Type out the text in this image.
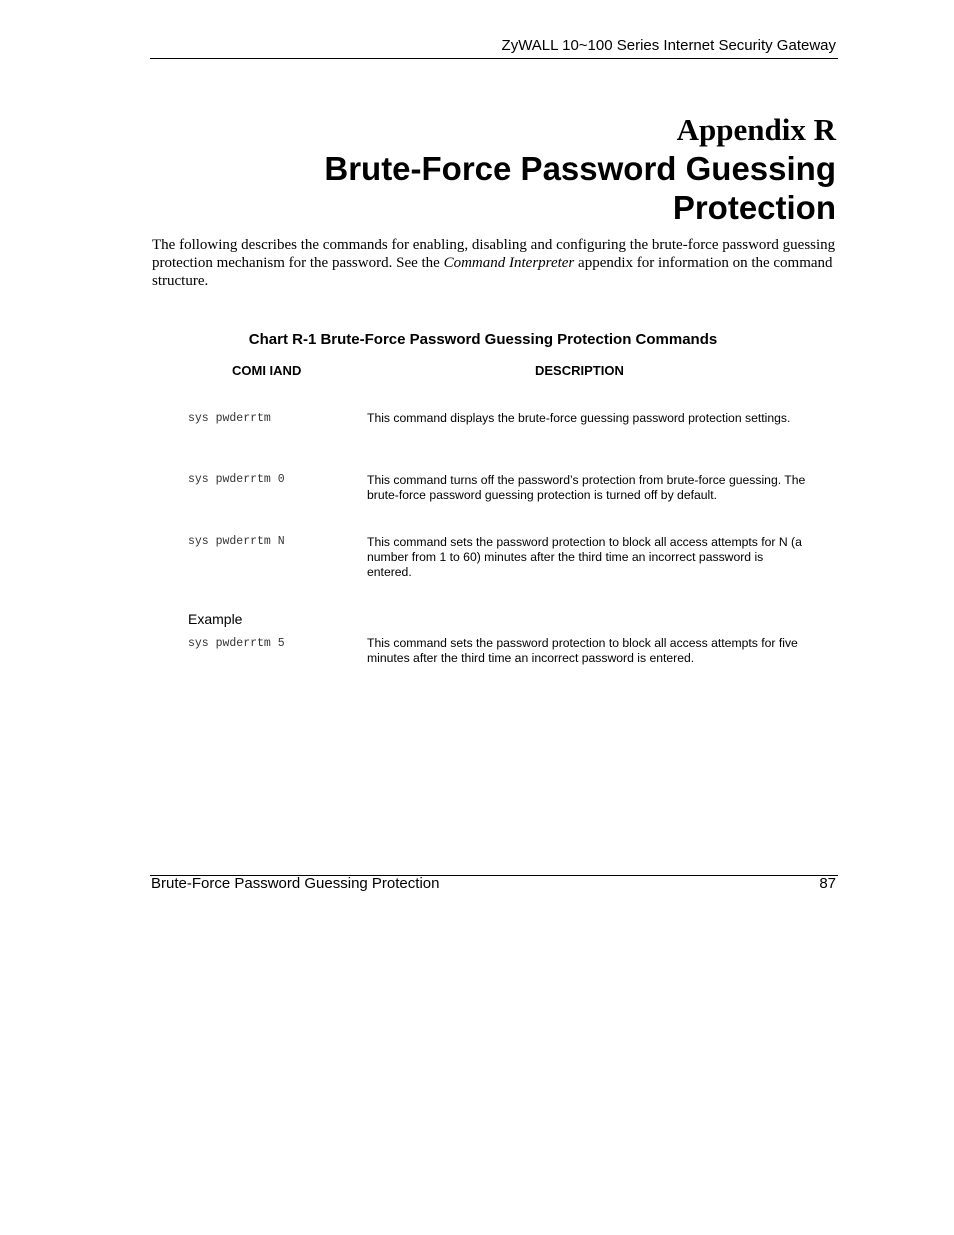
ZyWALL 10~100 Series Internet Security Gateway
Appendix R
Brute-Force Password Guessing
Protection
The following describes the commands for enabling, disabling and configuring the brute-force password guessing protection mechanism for the password. See the Command Interpreter appendix for information on the command structure.
Chart R-1 Brute-Force Password Guessing Protection Commands
COMI IAND	DESCRIPTION
sys pwderrtm	This command displays the brute-force guessing password protection settings.
sys pwderrtm 0	This command turns off the password’s protection from brute-force guessing. The brute-force password guessing protection is turned off by default.
sys pwderrtm N	This command sets the password protection to block all access attempts for N (a number from 1 to 60) minutes after the third time an incorrect password is entered.
Example
sys pwderrtm 5	This command sets the password protection to block all access attempts for five minutes after the third time an incorrect password is entered.
Brute-Force Password Guessing Protection	87
